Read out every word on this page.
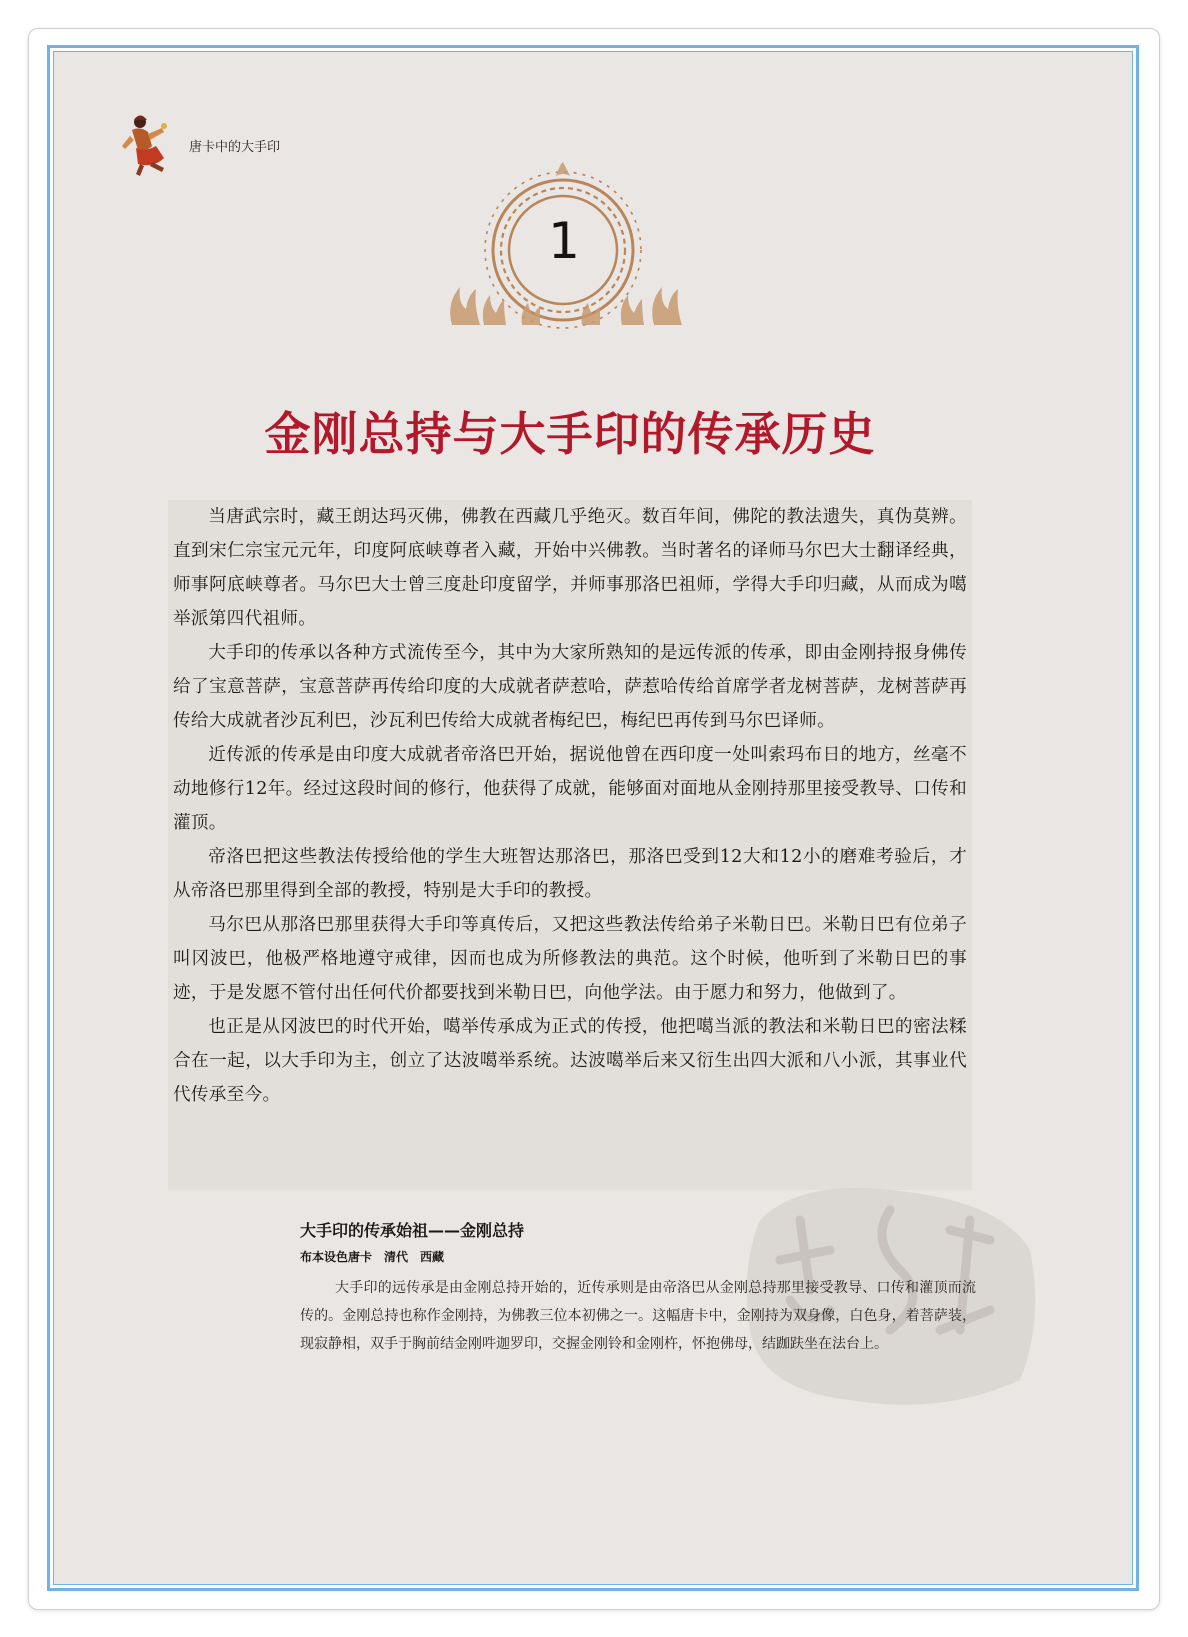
唐卡中的大手印
1
金刚总持与大手印的传承历史

当唐武宗时，藏王朗达玛灭佛，佛教在西藏几乎绝灭。数百年间，佛陀的教法遗失，真伪莫辨。直到宋仁宗宝元元年，印度阿底峡尊者入藏，开始中兴佛教。当时著名的译师马尔巴大士翻译经典，师事阿底峡尊者。马尔巴大士曾三度赴印度留学，并师事那洛巴祖师，学得大手印归藏，从而成为噶举派第四代祖师。

大手印的传承以各种方式流传至今，其中为大家所熟知的是远传派的传承，即由金刚持报身佛传给了宝意菩萨，宝意菩萨再传给印度的大成就者萨惹哈，萨惹哈传给首席学者龙树菩萨，龙树菩萨再传给大成就者沙瓦利巴，沙瓦利巴传给大成就者梅纪巴，梅纪巴再传到马尔巴译师。

近传派的传承是由印度大成就者帝洛巴开始，据说他曾在西印度一处叫索玛布日的地方，丝毫不动地修行12年。经过这段时间的修行，他获得了成就，能够面对面地从金刚持那里接受教导、口传和灌顶。

帝洛巴把这些教法传授给他的学生大班智达那洛巴，那洛巴受到12大和12小的磨难考验后，才从帝洛巴那里得到全部的教授，特别是大手印的教授。

马尔巴从那洛巴那里获得大手印等真传后，又把这些教法传给弟子米勒日巴。米勒日巴有位弟子叫冈波巴，他极严格地遵守戒律，因而也成为所修教法的典范。这个时候，他听到了米勒日巴的事迹，于是发愿不管付出任何代价都要找到米勒日巴，向他学法。由于愿力和努力，他做到了。

也正是从冈波巴的时代开始，噶举传承成为正式的传授，他把噶当派的教法和米勒日巴的密法糅合在一起，以大手印为主，创立了达波噶举系统。达波噶举后来又衍生出四大派和八小派，其事业代代传承至今。

大手印的传承始祖——金刚总持
布本设色唐卡　清代　西藏
大手印的远传承是由金刚总持开始的，近传承则是由帝洛巴从金刚总持那里接受教导、口传和灌顶而流传的。金刚总持也称作金刚持，为佛教三位本初佛之一。这幅唐卡中，金刚持为双身像，白色身，着菩萨装，现寂静相，双手于胸前结金刚吽迦罗印，交握金刚铃和金刚杵，怀抱佛母，结跏趺坐在法台上。
